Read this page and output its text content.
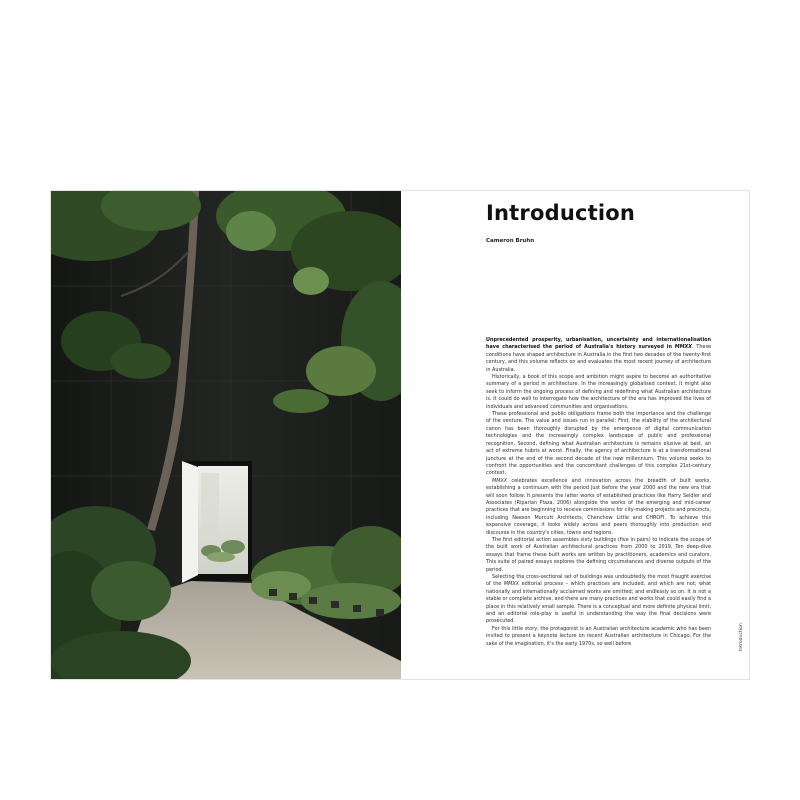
Introduction
Cameron Bruhn

Unprecedented prosperity, urbanisation, uncertainty and internationalisation have characterised the period of Australia's history surveyed in MMXX. These conditions have shaped architecture in Australia in the first two decades of the twenty-first century, and this volume reflects on and evaluates the most recent journey of architecture in Australia.

Historically, a book of this scope and ambition might aspire to become an authoritative summary of a period in architecture. In the increasingly globalised context, it might also seek to inform the ongoing process of defining and redefining what Australian architecture is. It could do well to interrogate how the architecture of the era has improved the lives of individuals and advanced communities and organisations.

These professional and public obligations frame both the importance and the challenge of the venture. The value and issues run in parallel: First, the stability of the architectural canon has been thoroughly disrupted by the emergence of digital communication technologies and the increasingly complex landscape of public and professional recognition. Second, defining what Australian architecture is remains elusive at best, an act of extreme hubris at worst. Finally, the agency of architecture is at a transformational juncture at the end of the second decade of the new millennium. This volume seeks to confront the opportunities and the concomitant challenges of this complex 21st-century context.

MMXX celebrates excellence and innovation across the breadth of built works, establishing a continuum with the period just before the year 2000 and the new era that will soon follow. It presents the latter works of established practices like Harry Seidler and Associates (Riparian Plaza, 2006) alongside the works of the emerging and mid-career practices that are beginning to receive commissions for city-making projects and precincts, including Neeson Murcutt Architects, Chenchow Little and CHROFI. To achieve this expansive coverage, it looks widely across and peers thoroughly into production and discourse in the country's cities, towns and regions.

The first editorial action assembles sixty buildings (five in pairs) to indicate the scope of the built work of Australian architectural practices from 2000 to 2019. Ten deep-dive essays that frame these built works are written by practitioners, academics and curators. This suite of paired essays explores the defining circumstances and diverse outputs of the period.

Selecting the cross-sectional set of buildings was undoubtedly the most fraught exercise of the MMXX editorial process – which practices are included, and which are not; what nationally and internationally acclaimed works are omitted; and endlessly so on. It is not a stable or complete archive, and there are many practices and works that could easily find a place in this relatively small sample. There is a conceptual and more definite physical limit, and an editorial role-play is useful in understanding the way the final decisions were prosecuted.

For this little story, the protagonist is an Australian architecture academic who has been invited to present a keynote lecture on recent Australian architecture in Chicago. For the sake of the imagination, it's the early 1970s, so well before	Introduction
